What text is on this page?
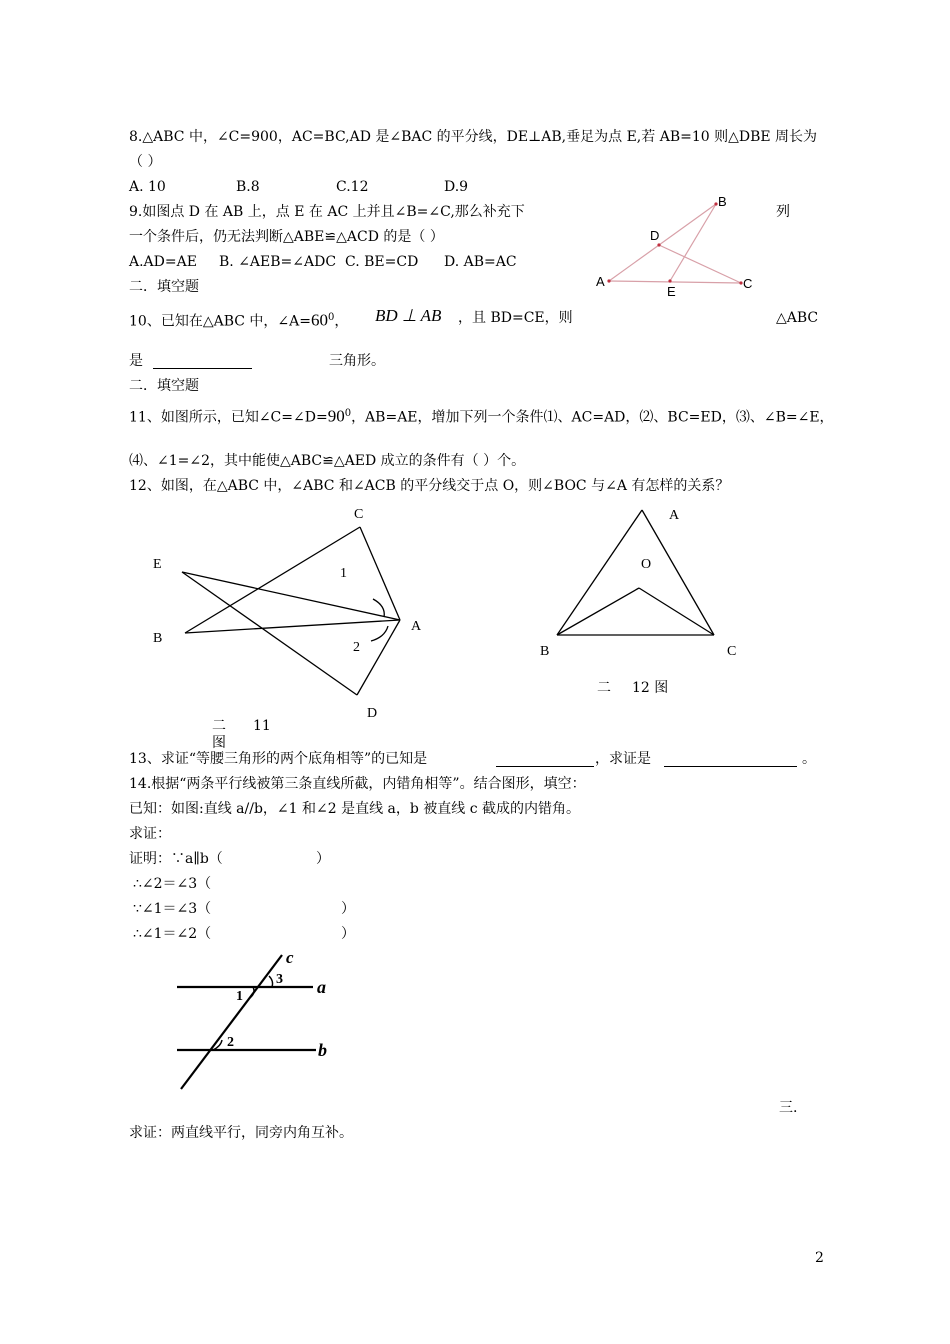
8.△ABC 中，∠C=900，AC=BC,AD 是∠BAC 的平分线，DE⊥AB,垂足为点 E,若 AB=10 则△DBE 周长为
（ ）
A. 10	B.8	C.12	D.9
9.如图点 D 在 AB 上，点 E 在 AC 上并且∠B=∠C,那么补充下	列
一个条件后，仍无法判断△ABE≌△ACD 的是（ ）
A.AD=AE B. ∠AEB=∠ADC C. BE=CD D. AB=AC
B
D
A
E
C
二．填空题
10、已知在△ABC 中，$\angle A=60^0$， BD ⊥ AB ，且 BD=CE，则	△ABC
是	三角形。
二．填空题
11、如图所示，已知$\angle C=\angle D=90^0$，AB=AE，增加下列一个条件⑴、AC=AD，⑵、BC=ED，⑶、∠B=∠E，
⑷、∠1=∠2，其中能使△ABC≌△AED 成立的条件有（ ）个。
12、如图，在△ABC 中，∠ABC 和∠ACB 的平分线交于点 O，则∠BOC 与∠A 有怎样的关系？
C
E
1
A
B
2
D
二 11
图
A
O
B	C
二 12 图
13、求证“等腰三角形的两个底角相等”的已知是	，求证是	。
14.根据“两条平行线被第三条直线所截，内错角相等”。结合图形，填空：
已知：如图:直线 a//b，∠1 和∠2 是直线 a，b 被直线 c 截成的内错角。
求证：
证明：∵a∥b（	）
∴∠2＝∠3（
∵∠1＝∠3（	）
∴∠1＝∠2（	）
c
3 a
1
2	b
三.
求证：两直线平行，同旁内角互补。
2
